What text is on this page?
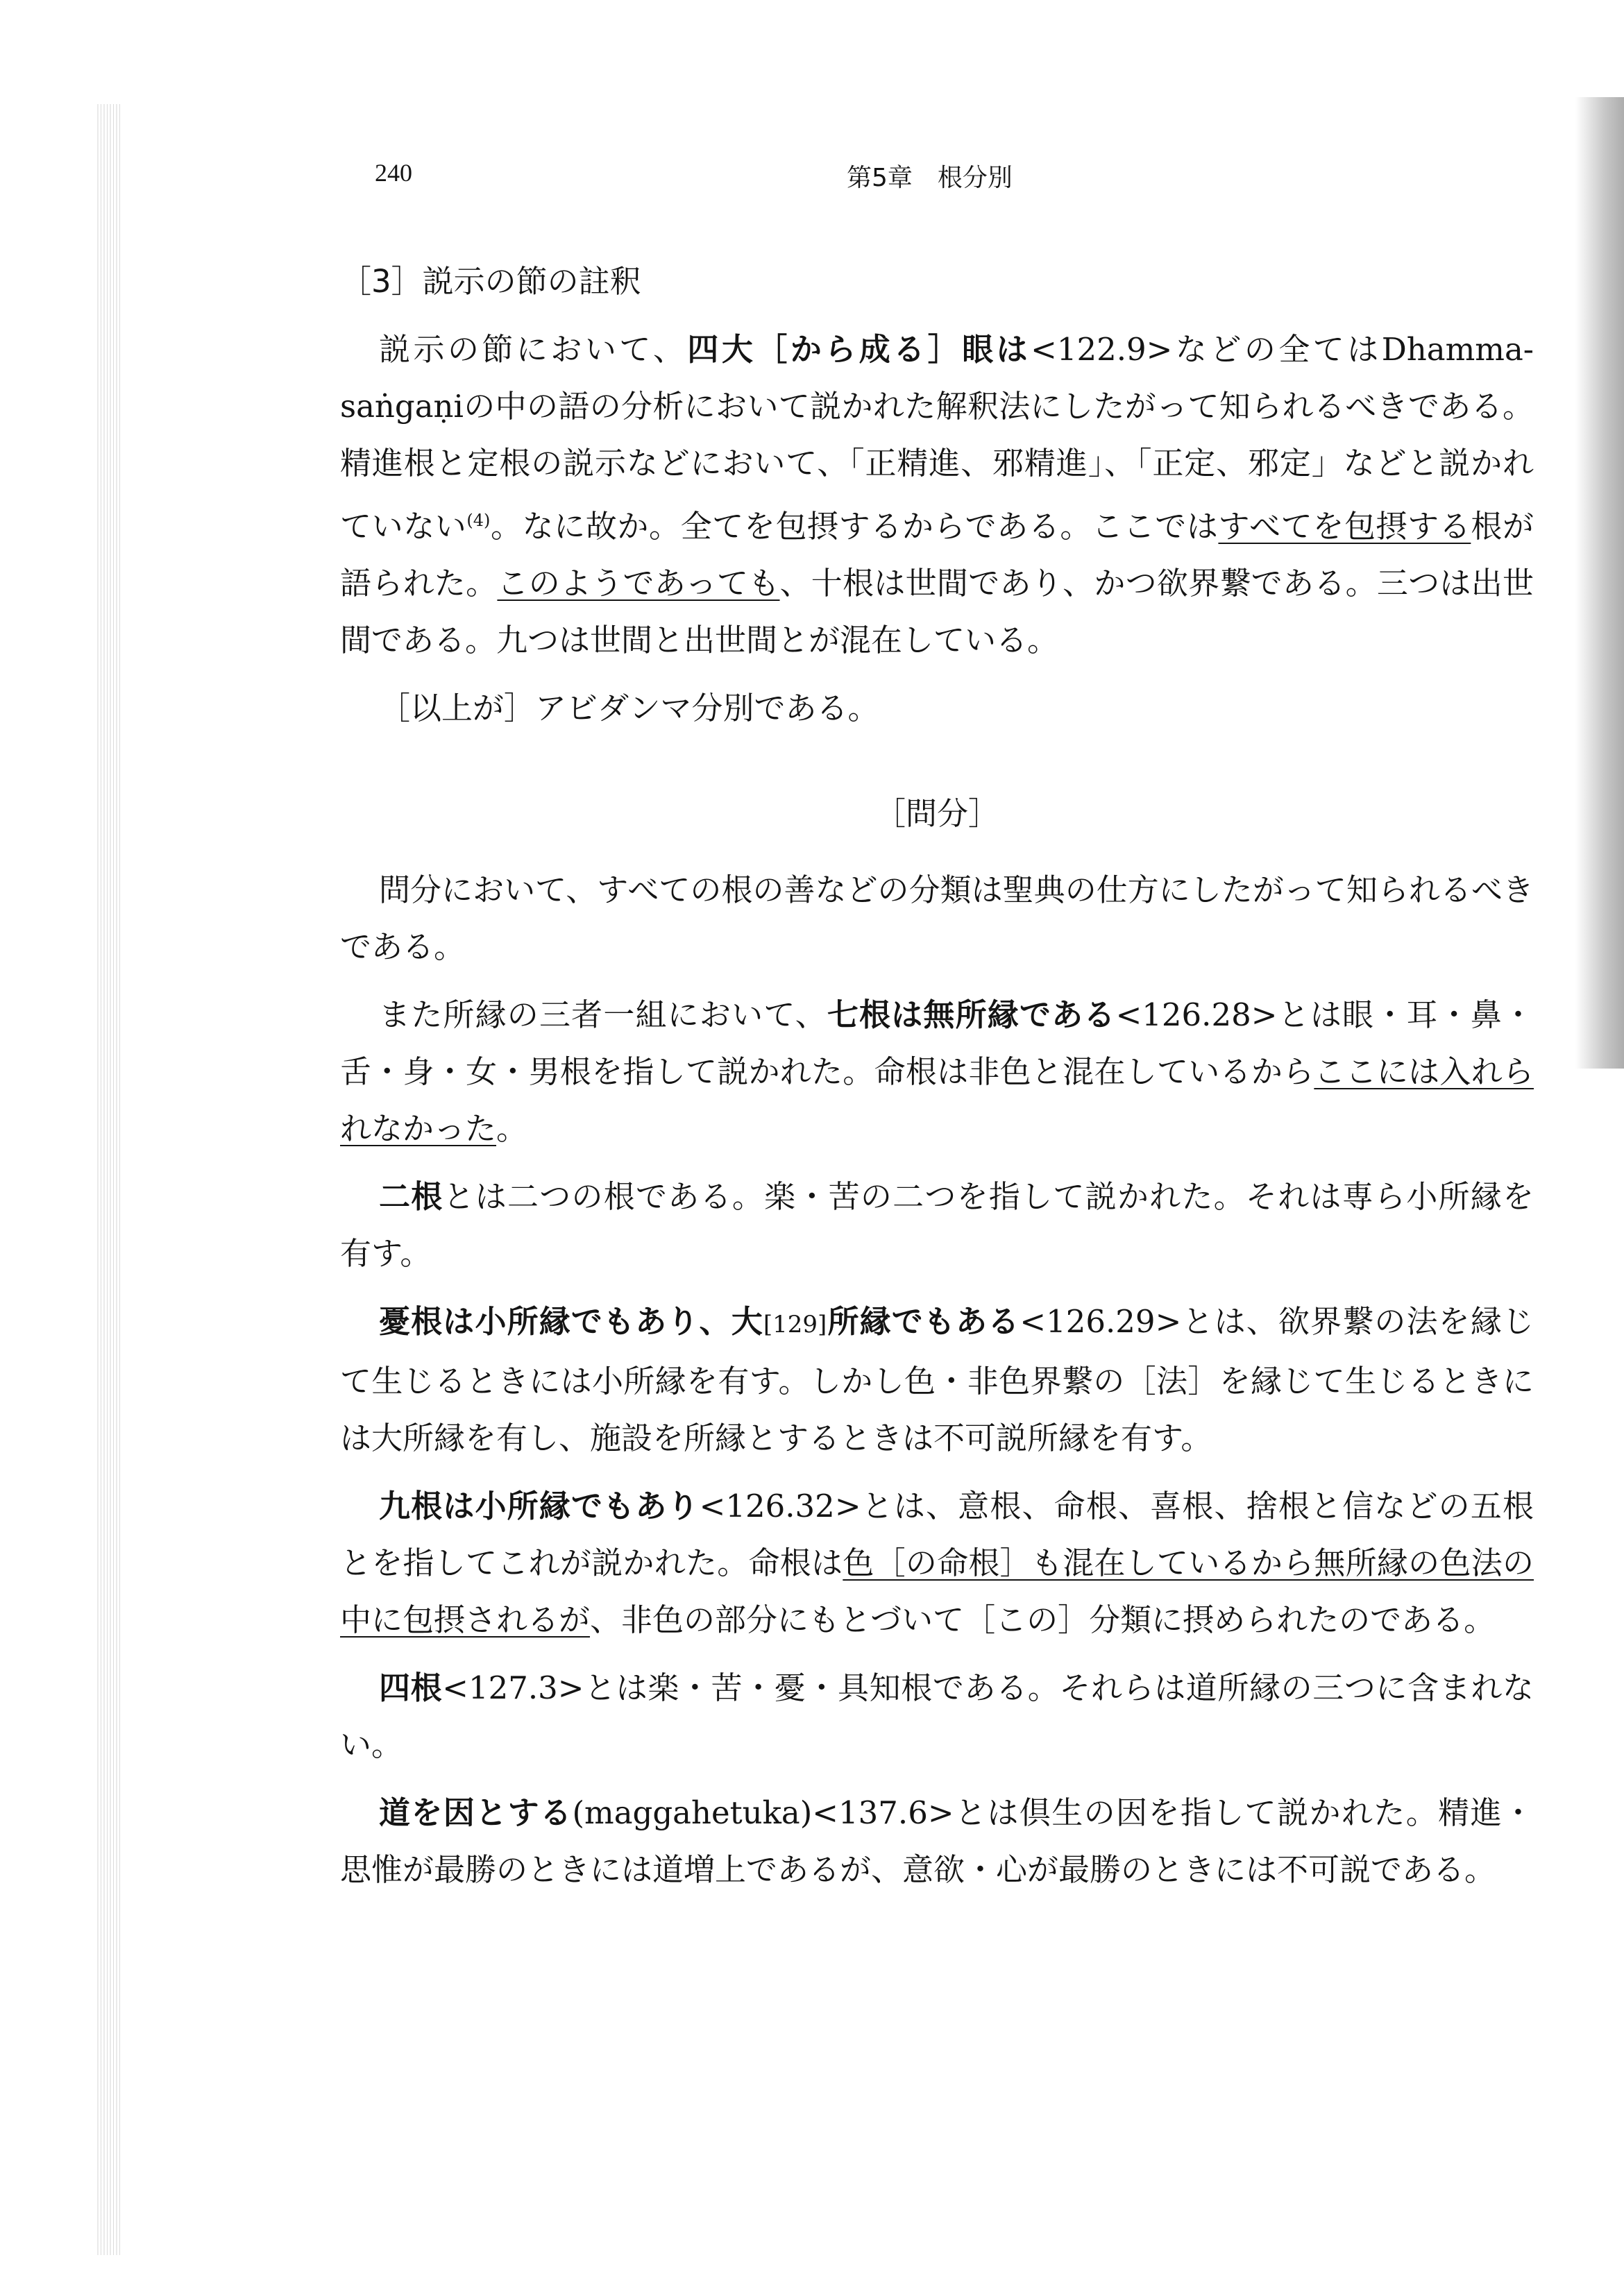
240	第5章　根分別

［3］説示の節の註釈

説示の節において、四大［から成る］眼は<122.9>などの全てはDhamma-saṅgaṇiの中の語の分析において説かれた解釈法にしたがって知られるべきである。精進根と定根の説示などにおいて、「正精進、邪精進」、「正定、邪定」などと説かれていない$^{(4)}$。なに故か。全てを包摂するからである。ここではすべてを包摂する根が語られた。このようであっても、十根は世間であり、かつ欲界繋である。三つは出世間である。九つは世間と出世間とが混在している。

［以上が］アビダンマ分別である。

［問分］

問分において、すべての根の善などの分類は聖典の仕方にしたがって知られるべきである。

また所縁の三者一組において、七根は無所縁である<126.28>とは眼・耳・鼻・舌・身・女・男根を指して説かれた。命根は非色と混在しているからここには入れられなかった。

二根とは二つの根である。楽・苦の二つを指して説かれた。それは専ら小所縁を有す。

憂根は小所縁でもあり、大[129]所縁でもある<126.29>とは、欲界繋の法を縁じて生じるときには小所縁を有す。しかし色・非色界繋の［法］を縁じて生じるときには大所縁を有し、施設を所縁とするときは不可説所縁を有す。

九根は小所縁でもあり<126.32>とは、意根、命根、喜根、捨根と信などの五根とを指してこれが説かれた。命根は色［の命根］も混在しているから無所縁の色法の中に包摂されるが、非色の部分にもとづいて［この］分類に摂められたのである。

四根<127.3>とは楽・苦・憂・具知根である。それらは道所縁の三つに含まれない。

道を因とする(maggahetuka)<137.6>とは倶生の因を指して説かれた。精進・思惟が最勝のときには道増上であるが、意欲・心が最勝のときには不可説である。
